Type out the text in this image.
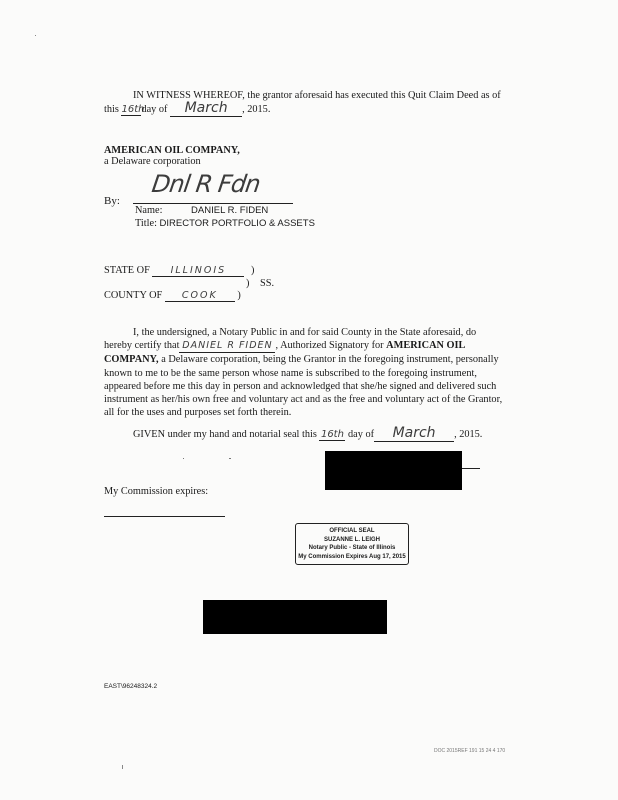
IN WITNESS WHEREOF, the grantor aforesaid has executed this Quit Claim Deed as of
this 16thday of March , 2015.
AMERICAN OIL COMPANY,
a Delaware corporation
By:
Dnl R Fdn
Name:	DANIEL R. FIDEN
Title: DIRECTOR PORTFOLIO & ASSETS
STATE OF ILLINOIS )
) SS.
COUNTY OF COOK )

I, the undersigned, a Notary Public in and for said County in the State aforesaid, do

hereby certify that DANIEL R FIDEN , Authorized Signatory for AMERICAN OIL

COMPANY, a Delaware corporation, being the Grantor in the foregoing instrument, personally

known to me to be the same person whose name is subscribed to the foregoing instrument,

appeared before me this day in person and acknowledged that she/he signed and delivered such

instrument as her/his own free and voluntary act and as the free and voluntary act of the Grantor,

all for the uses and purposes set forth therein.

GIVEN under my hand and notarial seal this 16th day of March , 2015.
My Commission expires:
OFFICIAL SEAL
SUZANNE L. LEIGH
Notary Public - State of Illinois
My Commission Expires Aug 17, 2015
EAST\96248324.2
DOC 2015REF 191 15 24 4 170
